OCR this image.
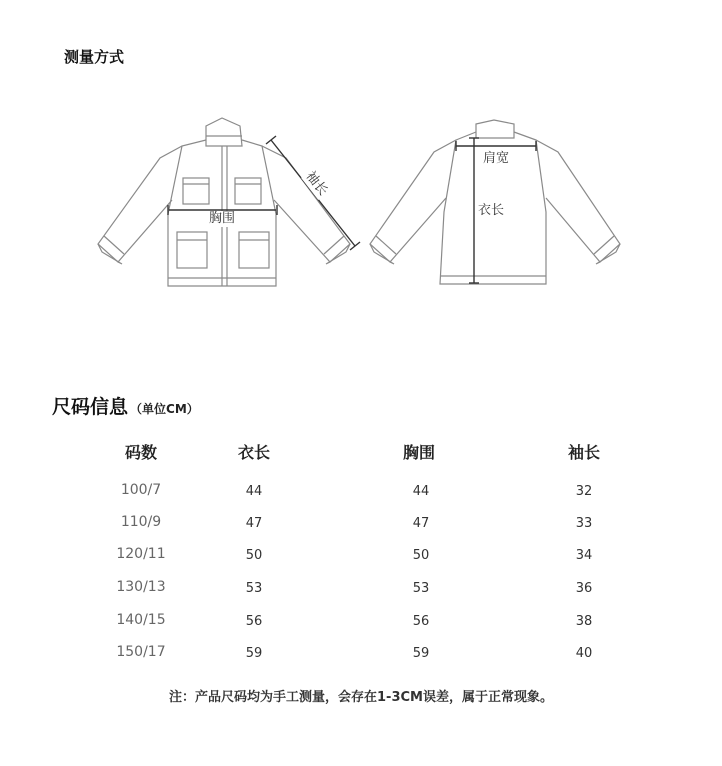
测量方式
胸围
袖长
肩宽
衣长
尺码信息 （单位CM）
码数	衣长	胸围	袖长
100/7	44	44	32
110/9	47	47	33
120/11	50	50	34
130/13	53	53	36
140/15	56	56	38
150/17	59	59	40
注：产品尺码均为手工测量，会存在1-3CM误差，属于正常现象。
